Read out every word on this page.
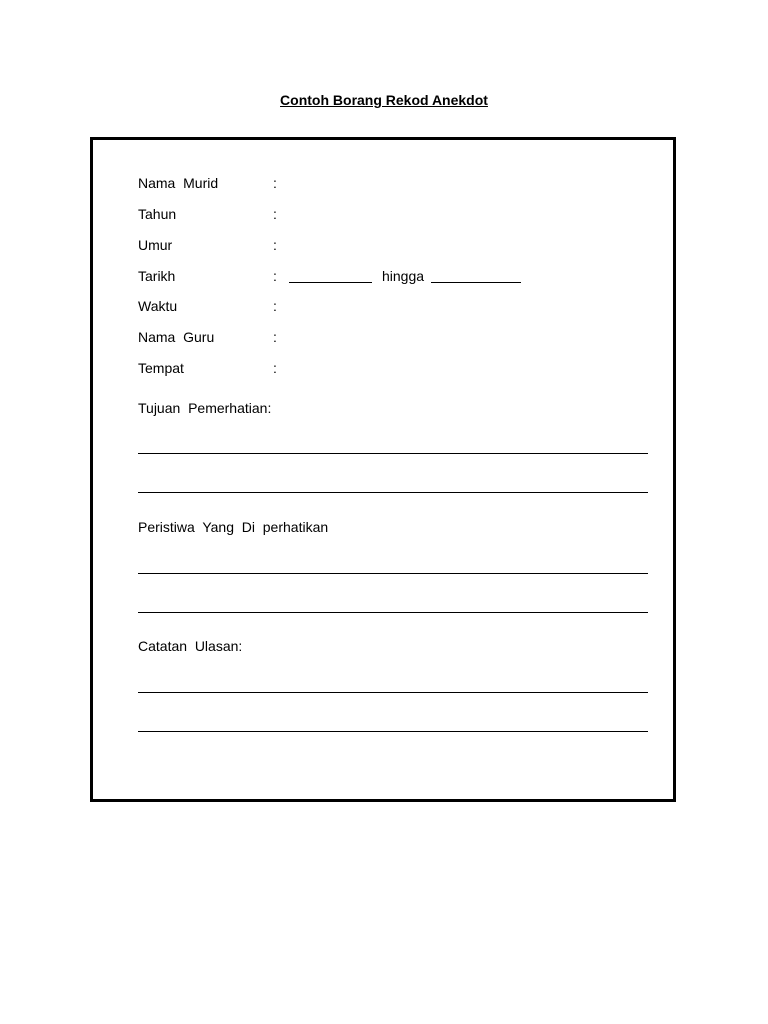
Contoh Borang Rekod Anekdot
Nama  Murid	:
Tahun	:
Umur	:
Tarikh	:	hingga
Waktu	:
Nama  Guru	:
Tempat	:
Tujuan  Pemerhatian:
Peristiwa  Yang  Di  perhatikan
Catatan  Ulasan:
